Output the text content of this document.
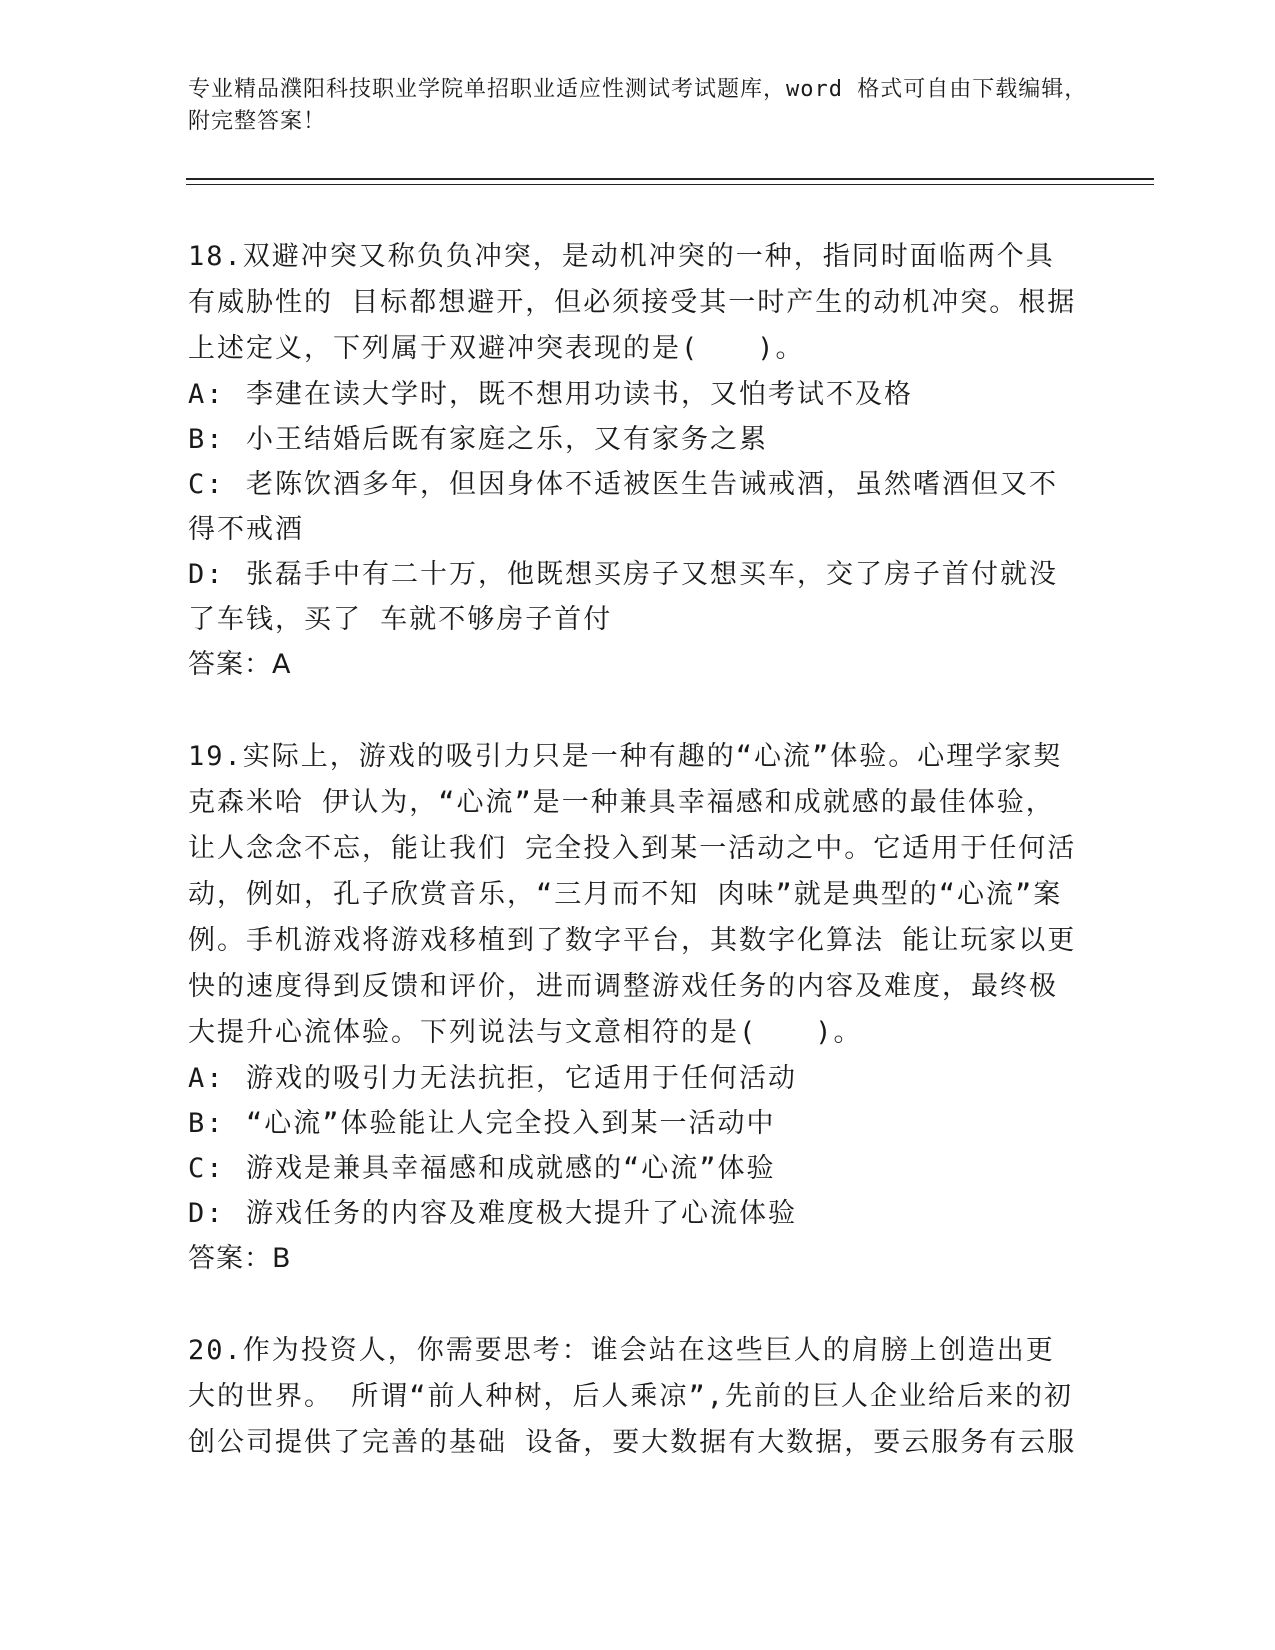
专业精品濮阳科技职业学院单招职业适应性测试考试题库，word 格式可自由下载编辑，附完整答案！

18.双避冲突又称负负冲突，是动机冲突的一种，指同时面临两个具有威胁性的 目标都想避开，但必须接受其一时产生的动机冲突。根据上述定义，下列属于双避冲突表现的是(　　)。

A: 李建在读大学时，既不想用功读书，又怕考试不及格

B: 小王结婚后既有家庭之乐，又有家务之累

C: 老陈饮酒多年，但因身体不适被医生告诫戒酒，虽然嗜酒但又不得不戒酒

D: 张磊手中有二十万，他既想买房子又想买车，交了房子首付就没了车钱，买了 车就不够房子首付

答案：A

19.实际上，游戏的吸引力只是一种有趣的“心流”体验。心理学家契克森米哈 伊认为，“心流”是一种兼具幸福感和成就感的最佳体验，让人念念不忘，能让我们 完全投入到某一活动之中。它适用于任何活动，例如，孔子欣赏音乐，“三月而不知 肉味”就是典型的“心流”案例。手机游戏将游戏移植到了数字平台，其数字化算法 能让玩家以更快的速度得到反馈和评价，进而调整游戏任务的内容及难度，最终极大提升心流体验。下列说法与文意相符的是(　　)。

A: 游戏的吸引力无法抗拒，它适用于任何活动

B: “心流”体验能让人完全投入到某一活动中

C: 游戏是兼具幸福感和成就感的“心流”体验

D: 游戏任务的内容及难度极大提升了心流体验

答案：B

20.作为投资人，你需要思考：谁会站在这些巨人的肩膀上创造出更大的世界。 所谓“前人种树，后人乘凉”,先前的巨人企业给后来的初创公司提供了完善的基础 设备，要大数据有大数据，要云服务有云服
